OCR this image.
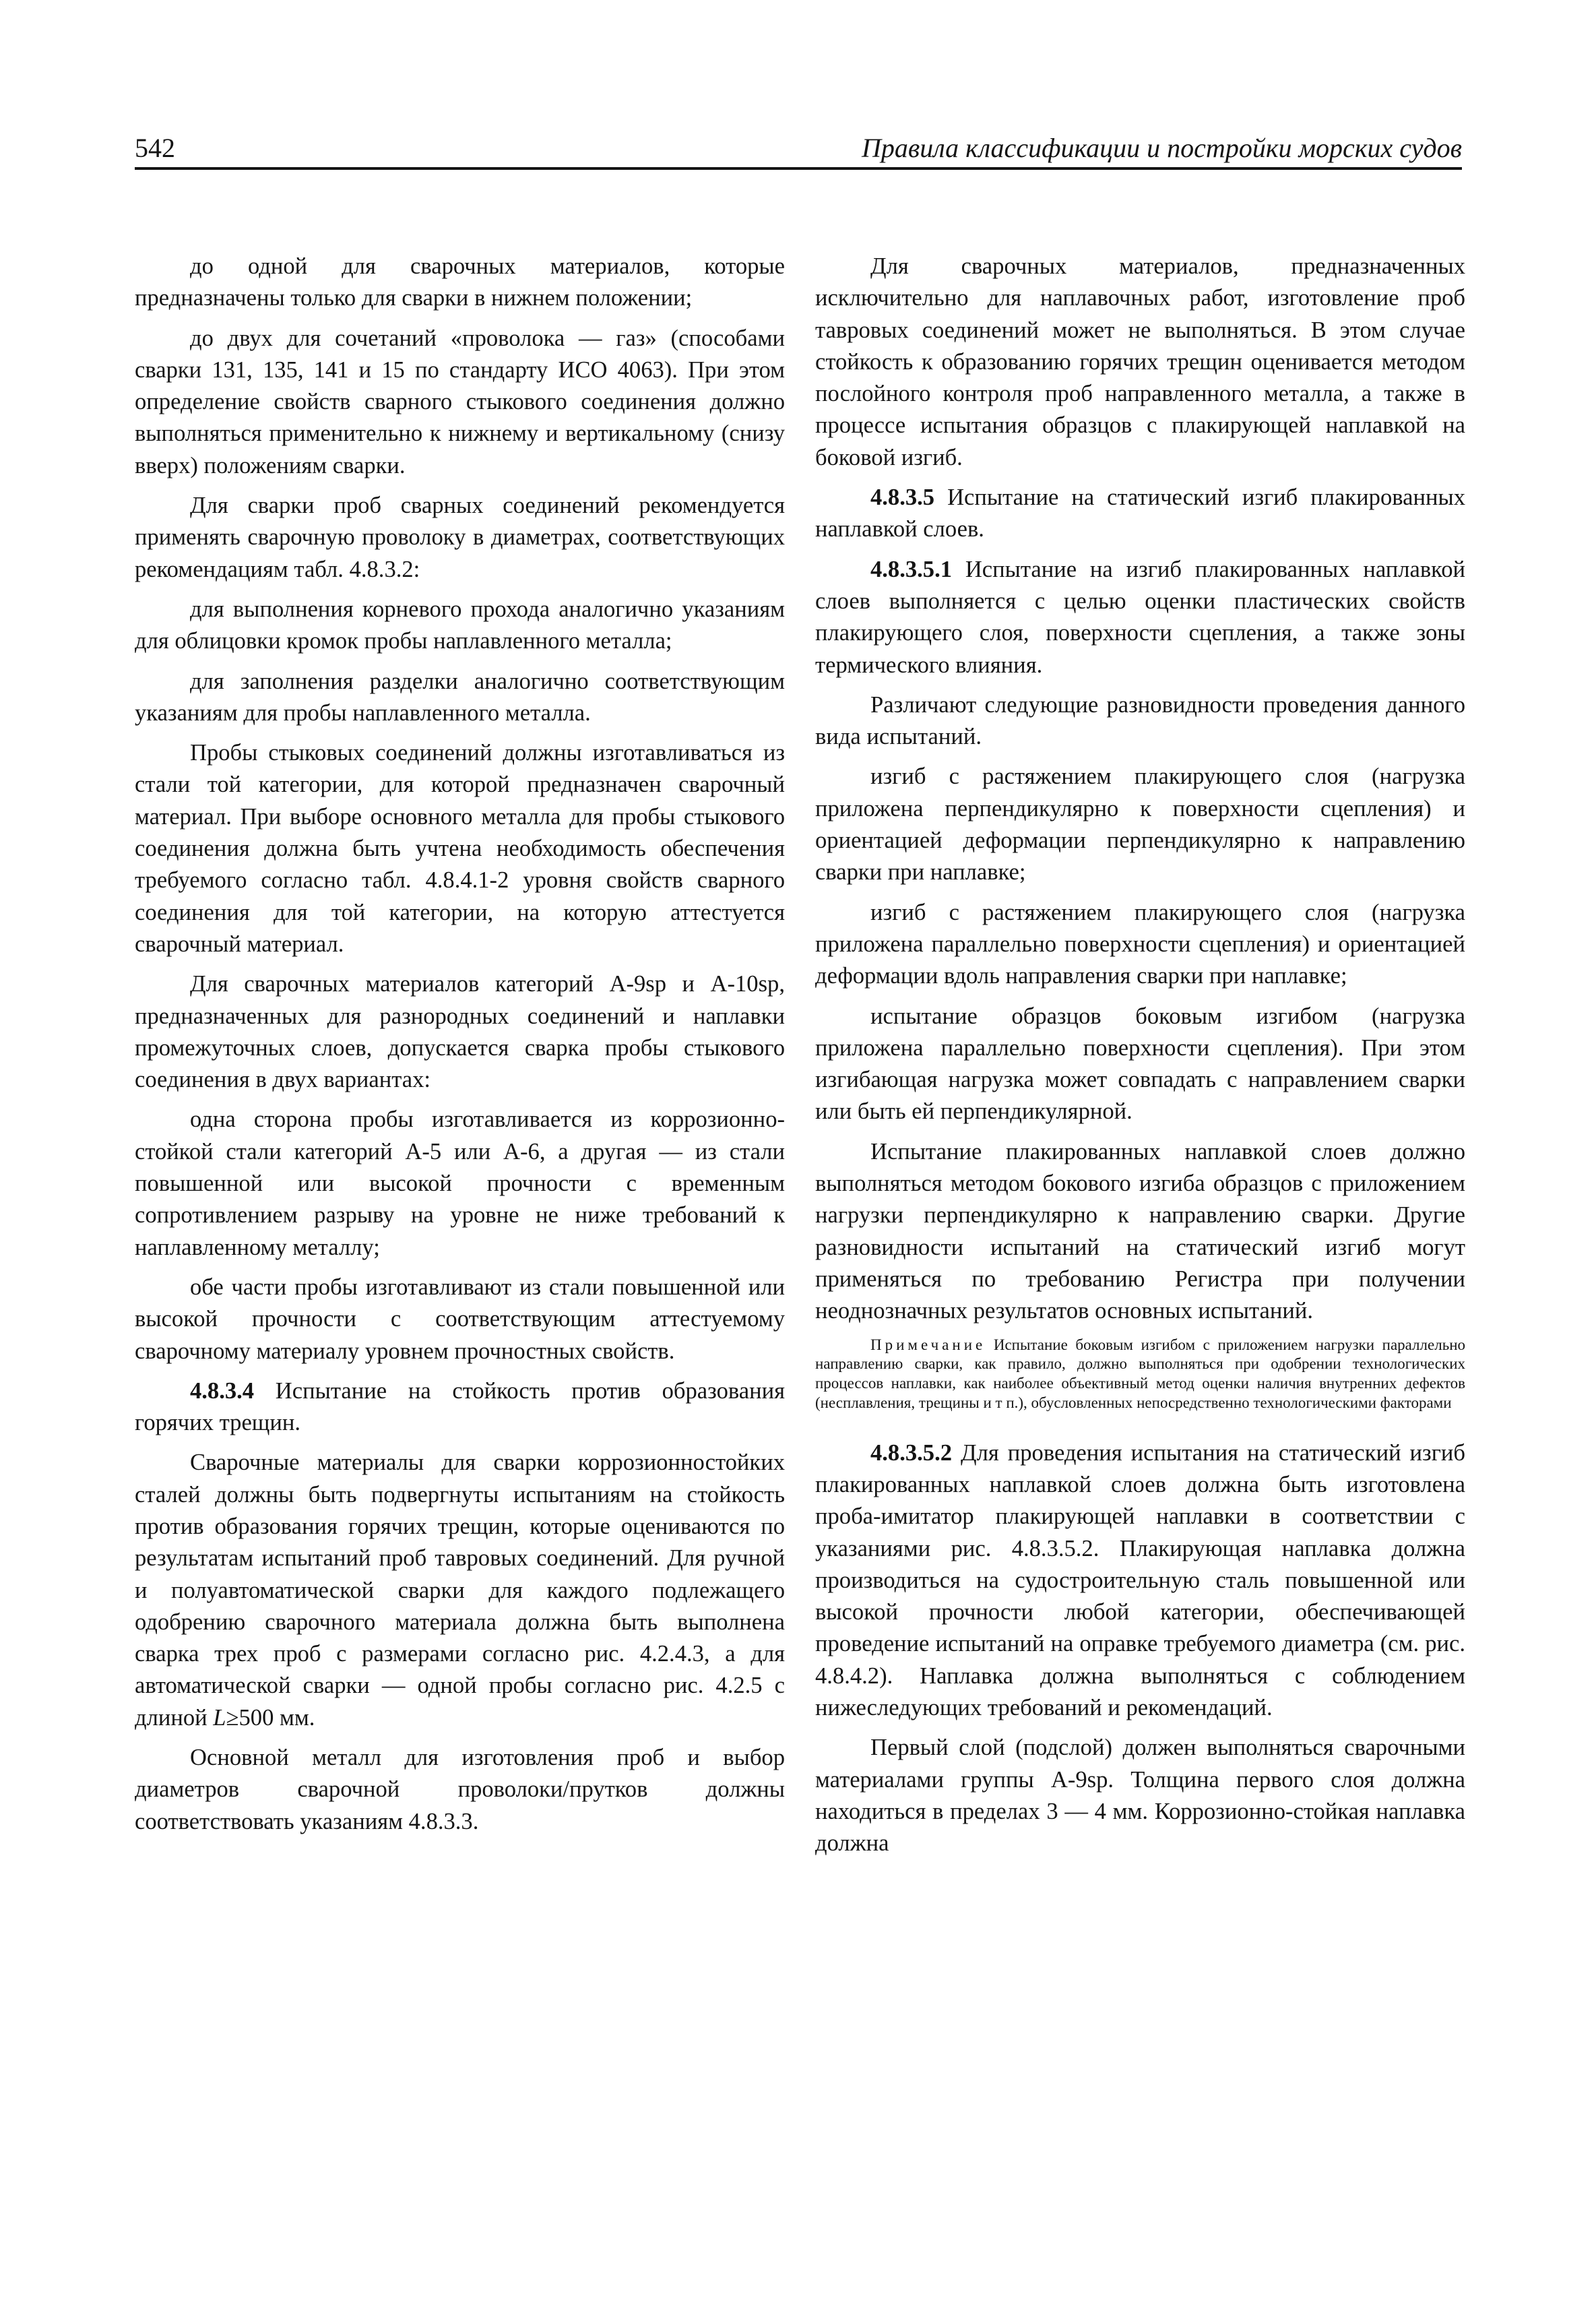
542	Правила классификации и постройки морских судов

до одной для сварочных материалов, которые предназначены только для сварки в нижнем положении;

до двух для сочетаний «проволока — газ» (способами сварки 131, 135, 141 и 15 по стандарту ИСО 4063). При этом определение свойств сварного стыкового соединения должно выполняться применительно к нижнему и вертикальному (снизу вверх) положениям сварки.

Для сварки проб сварных соединений рекомендуется применять сварочную проволоку в диаметрах, соответствующих рекомендациям табл. 4.8.3.2:

для выполнения корневого прохода аналогично указаниям для облицовки кромок пробы наплавленного металла;

для заполнения разделки аналогично соответствующим указаниям для пробы наплавленного металла.

Пробы стыковых соединений должны изготавливаться из стали той категории, для которой предназначен сварочный материал. При выборе основного металла для пробы стыкового соединения должна быть учтена необходимость обеспечения требуемого согласно табл. 4.8.4.1-2 уровня свойств сварного соединения для той категории, на которую аттестуется сварочный материал.

Для сварочных материалов категорий А-9sp и А-10sp, предназначенных для разнородных соединений и наплавки промежуточных слоев, допускается сварка пробы стыкового соединения в двух вариантах:

одна сторона пробы изготавливается из коррозионно-стойкой стали категорий А-5 или А-6, а другая — из стали повышенной или высокой прочности с временным сопротивлением разрыву на уровне не ниже требований к наплавленному металлу;

обе части пробы изготавливают из стали повышенной или высокой прочности с соответствующим аттестуемому сварочному материалу уровнем прочностных свойств.

4.8.3.4 Испытание на стойкость против образования горячих трещин.

Сварочные материалы для сварки коррозионностойких сталей должны быть подвергнуты испытаниям на стойкость против образования горячих трещин, которые оцениваются по результатам испытаний проб тавровых соединений. Для ручной и полуавтоматической сварки для каждого подлежащего одобрению сварочного материала должна быть выполнена сварка трех проб с размерами согласно рис. 4.2.4.3, а для автоматической сварки — одной пробы согласно рис. 4.2.5 с длиной L≥500 мм.

Основной металл для изготовления проб и выбор диаметров сварочной проволоки/прутков должны соответствовать указаниям 4.8.3.3.

Для сварочных материалов, предназначенных исключительно для наплавочных работ, изготовление проб тавровых соединений может не выполняться. В этом случае стойкость к образованию горячих трещин оценивается методом послойного контроля проб направленного металла, а также в процессе испытания образцов с плакирующей наплавкой на боковой изгиб.

4.8.3.5 Испытание на статический изгиб плакированных наплавкой слоев.

4.8.3.5.1 Испытание на изгиб плакированных наплавкой слоев выполняется с целью оценки пластических свойств плакирующего слоя, поверхности сцепления, а также зоны термического влияния.

Различают следующие разновидности проведения данного вида испытаний.

изгиб с растяжением плакирующего слоя (нагрузка приложена перпендикулярно к поверхности сцепления) и ориентацией деформации перпендикулярно к направлению сварки при наплавке;

изгиб с растяжением плакирующего слоя (нагрузка приложена параллельно поверхности сцепления) и ориентацией деформации вдоль направления сварки при наплавке;

испытание образцов боковым изгибом (нагрузка приложена параллельно поверхности сцепления). При этом изгибающая нагрузка может совпадать с направлением сварки или быть ей перпендикулярной.

Испытание плакированных наплавкой слоев должно выполняться методом бокового изгиба образцов с приложением нагрузки перпендикулярно к направлению сварки. Другие разновидности испытаний на статический изгиб могут применяться по требованию Регистра при получении неоднозначных результатов основных испытаний.

Примечание Испытание боковым изгибом с приложением нагрузки параллельно направлению сварки, как правило, должно выполняться при одобрении технологических процессов наплавки, как наиболее объективный метод оценки наличия внутренних дефектов (несплавления, трещины и т п.), обусловленных непосредственно технологическими факторами

4.8.3.5.2 Для проведения испытания на статический изгиб плакированных наплавкой слоев должна быть изготовлена проба-имитатор плакирующей наплавки в соответствии с указаниями рис. 4.8.3.5.2. Плакирующая наплавка должна производиться на судостроительную сталь повышенной или высокой прочности любой категории, обеспечивающей проведение испытаний на оправке требуемого диаметра (см. рис. 4.8.4.2). Наплавка должна выполняться с соблюдением нижеследующих требований и рекомендаций.

Первый слой (подслой) должен выполняться сварочными материалами группы А-9sp. Толщина первого слоя должна находиться в пределах 3 — 4 мм. Коррозионно-стойкая наплавка должна
